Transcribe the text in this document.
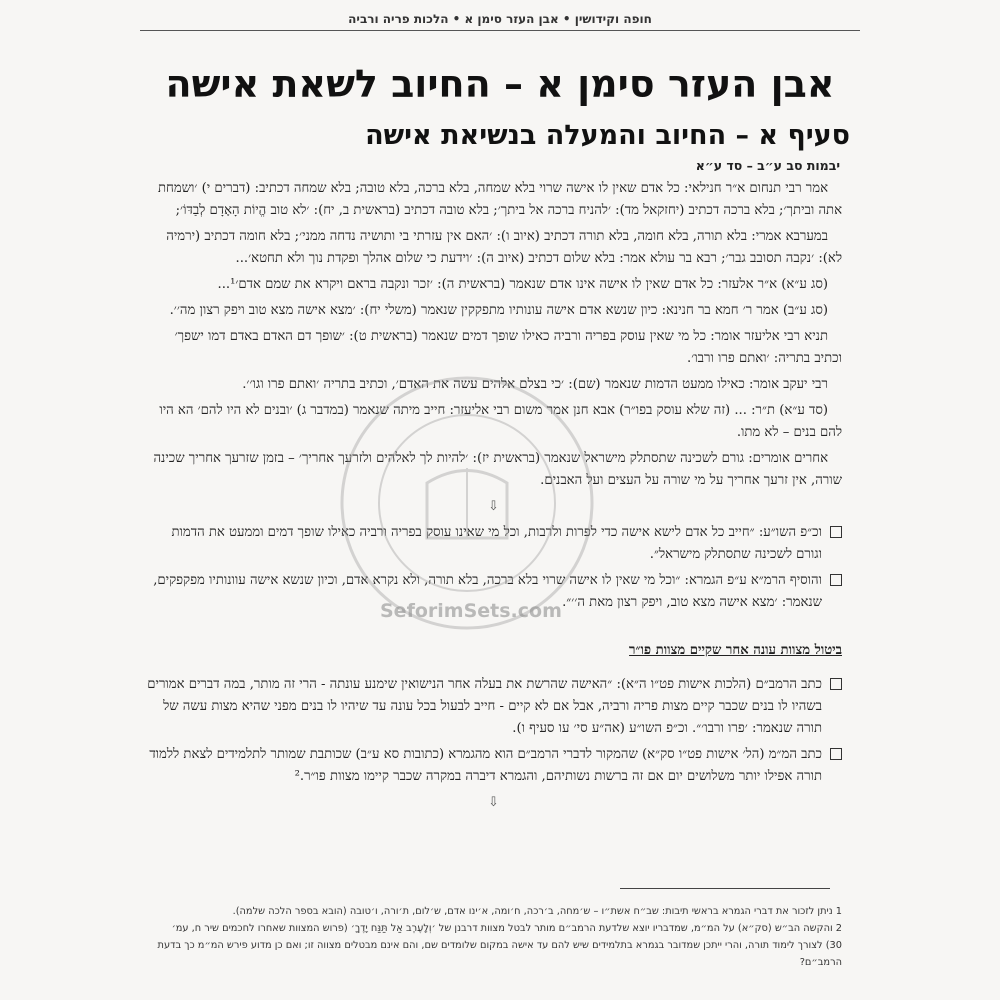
חופה וקידושין • אבן העזר סימן א • הלכות פריה ורביה
אבן העזר סימן א – החיוב לשאת אישה
סעיף א – החיוב והמעלה בנשיאת אישה
יבמות סב ע״ב – סד ע״א

אמר רבי תנחום א״ר חנילאי: כל אדם שאין לו אישה שרוי בלא שמחה, בלא ברכה, בלא טובה; בלא שמחה דכתיב: (דברים י) ׳ושמחת אתה וביתך׳; בלא ברכה דכתיב (יחזקאל מד): ׳להניח ברכה אל ביתך׳; בלא טובה דכתיב (בראשית ב, יח): ׳לא טוב הֱיוֹת הָאָדָם לְבַדּוֹ׳;

במערבא אמרי: בלא תורה, בלא חומה, בלא תורה דכתיב (איוב ו): ׳האם אין עזרתי בי ותושיה נדחה ממני׳; בלא חומה דכתיב (ירמיה לא): ׳נקבה תסובב גבר׳; רבא בר עולא אמר: בלא שלום דכתיב (איוב ה): ׳וידעת כי שלום אהלך ופקדת נוך ולא תחטא׳...

(סג ע״א) א״ר אלעזר: כל אדם שאין לו אישה אינו אדם שנאמר (בראשית ה): ׳זכר ונקבה בראם ויקרא את שמם אדם׳¹...

(סג ע״ב) אמר ר׳ חמא בר חנינא: כיון שנשא אדם אישה עונותיו מתפקקין שנאמר (משלי יח): ׳מצא אישה מצא טוב ויפק רצון מה׳׳.

תניא רבי אליעזר אומר: כל מי שאין עוסק בפריה ורביה כאילו שופך דמים שנאמר (בראשית ט): ׳שופך דם האדם באדם דמו ישפך׳ וכתיב בתריה: ׳ואתם פרו ורבו׳.

רבי יעקב אומר: כאילו ממעט הדמות שנאמר (שם): ׳כי בצלם אלהים עשה את האדם׳, וכתיב בתריה ׳ואתם פרו וגו׳׳.

(סד ע״א) ת״ר: ... (זה שלא עוסק בפו״ר) אבא חנן אמר משום רבי אליעזר: חייב מיתה שנאמר (במדבר ג) ׳ובנים לא היו להם׳ הא היו להם בנים – לא מתו.

אחרים אומרים: גורם לשכינה שתסתלק מישראל שנאמר (בראשית יז): ׳להיות לך לאלהים ולזרעך אחריך׳ – בזמן שזרעך אחריך שכינה שורה, אין זרעך אחריך על מי שורה על העצים ועל האבנים.

⇩

וכ״פ השו״ע: ״חייב כל אדם לישא אישה כדי לפרות ולרבות, וכל מי שאינו עוסק בפריה ורביה כאילו שופך דמים וממעט את הדמות וגורם לשכינה שתסתלק מישראל״.

והוסיף הרמ״א ע״פ הגמרא: ״וכל מי שאין לו אישה שרוי בלא ברכה, בלא תורה, ולא נקרא אדם, וכיון שנשא אישה עוונותיו מפקפקים, שנאמר: ׳מצא אישה מצא טוב, ויפק רצון מאת ה׳׳״.

ביטול מצוות עונה אחר שקיים מצוות פו״ר

כתב הרמב״ם (הלכות אישות פט״ו ה״א): ״האישה שהרשת את בעלה אחר הנישואין שימנע עונתה - הרי זה מותר, במה דברים אמורים בשהיו לו בנים שכבר קיים מצות פריה ורביה, אבל אם לא קיים - חייב לבעול בכל עונה עד שיהיו לו בנים מפני שהיא מצות עשה של תורה שנאמר: ׳פרו ורבו׳״. וכ״פ השו״ע (אה״ע סי׳ עו סעיף ו).

כתב המ״מ (הל׳ אישות פט״ו סק״א) שהמקור לדברי הרמב״ם הוא מהגמרא (כתובות סא ע״ב) שכותבת שמותר לתלמידים לצאת ללמוד תורה אפילו יותר משלושים יום אם זה ברשות נשותיהם, והגמרא דיברה במקרה שכבר קיימו מצוות פו״ר.²

⇩

SeforimSets.com

1 ניתן לזכור את דברי הגמרא בראשי תיבות: שב״ח אשת״ו – ש׳מחה, ב׳רכה, ח׳ומה, א׳ינו אדם, ש׳לום, ת׳ורה, ו׳טובה (הובא בספר הלכה שלמה).

2 והקשה הב״ש (סק״א) על המ״מ, שמדבריו יוצא שלדעת הרמב״ם מותר לבטל מצוות דרבנן של ׳וְלָעֶרֶב אַל תַּנַּח יָדֶךָ׳ (פרוש המצוות שאחרו לחכמים שיר ח, עמ׳ 30) לצורך לימוד תורה, והרי ייתכן שמדובר בגמרא בתלמידים שיש להם עד אישה במקום שלומדים שם, והם אינם מבטלים מצווה זו; ואם כן מדוע פירש המ״מ כך בדעת הרמב״ם?
